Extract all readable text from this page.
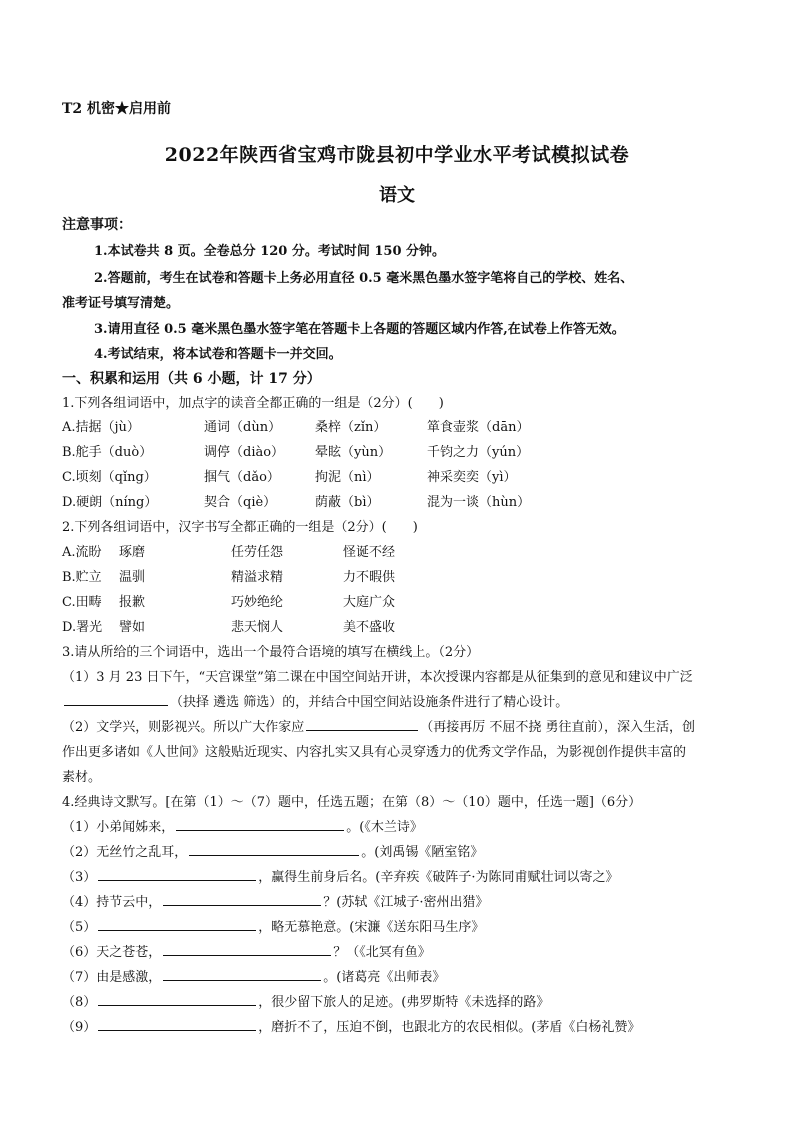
T2 机密★启用前
2022年陕西省宝鸡市陇县初中学业水平考试模拟试卷
语文
注意事项：
1.本试卷共 8 页。全卷总分 120 分。考试时间 150 分钟。
2.答题前，考生在试卷和答题卡上务必用直径 0.5 毫米黑色墨水签字笔将自己的学校、姓名、
准考证号填写清楚。
3.请用直径 0.5 毫米黑色墨水签字笔在答题卡上各题的答题区域内作答,在试卷上作答无效。
4.考试结束，将本试卷和答题卡一并交回。
一、积累和运用（共 6 小题，计 17 分）
1.下列各组词语中，加点字的读音全都正确的一组是（2分）(　　)
A.拮据（jù）	通词（dùn）	桑梓（zǐn）	箪食壶浆（dān）
B.舵手（duò）	调停（diào） 晕眩（yùn）	千钧之力（yún）
C.顷刻（qǐng）	掴气（dǎo）	拘泥（nì）	神采奕奕（yì）
D.硬朗（níng）	契合（qiè）	荫蔽（bì）	混为一谈（hùn）
2.下列各组词语中，汉字书写全都正确的一组是（2分）(　　)
A.流盼 琢磨	任劳任怨	怪诞不经
B.贮立 温驯	精溢求精	力不暇供
C.田畴 报歉	巧妙绝纶	大庭广众
D.署光 譬如	悲天悯人	美不盛收
3.请从所给的三个词语中，选出一个最符合语境的填写在横线上。（2分）
（1）3 月 23 日下午，“天宫课堂”第二课在中国空间站开讲，本次授课内容都是从征集到的意见和建议中广泛
（抉择 遴选 筛选）的，并结合中国空间站设施条件进行了精心设计。
（2）文学兴，则影视兴。所以广大作家应	（再接再厉 不屈不挠 勇往直前），深入生活，创
作出更多诸如《人世间》这般贴近现实、内容扎实又具有心灵穿透力的优秀文学作品，为影视创作提供丰富的
素材。
4.经典诗文默写。[在第（1）～（7）题中，任选五题；在第（8）～（10）题中，任选一题]（6分）
（1）小弟闻姊来，	。(《木兰诗》
（2）无丝竹之乱耳，	。(刘禹锡《陋室铭》
（3）	，赢得生前身后名。(辛弃疾《破阵子·为陈同甫赋壮词以寄之》
（4）持节云中，	？(苏轼《江城子·密州出猎》
（5）	，略无慕艳意。(宋濂《送东阳马生序》
（6）天之苍苍，	？（《北冥有鱼》
（7）由是感激，	。(诸葛亮《出师表》
（8）	，很少留下旅人的足迹。(弗罗斯特《未选择的路》
（9）	，磨折不了，压迫不倒，也跟北方的农民相似。(茅盾《白杨礼赞》
